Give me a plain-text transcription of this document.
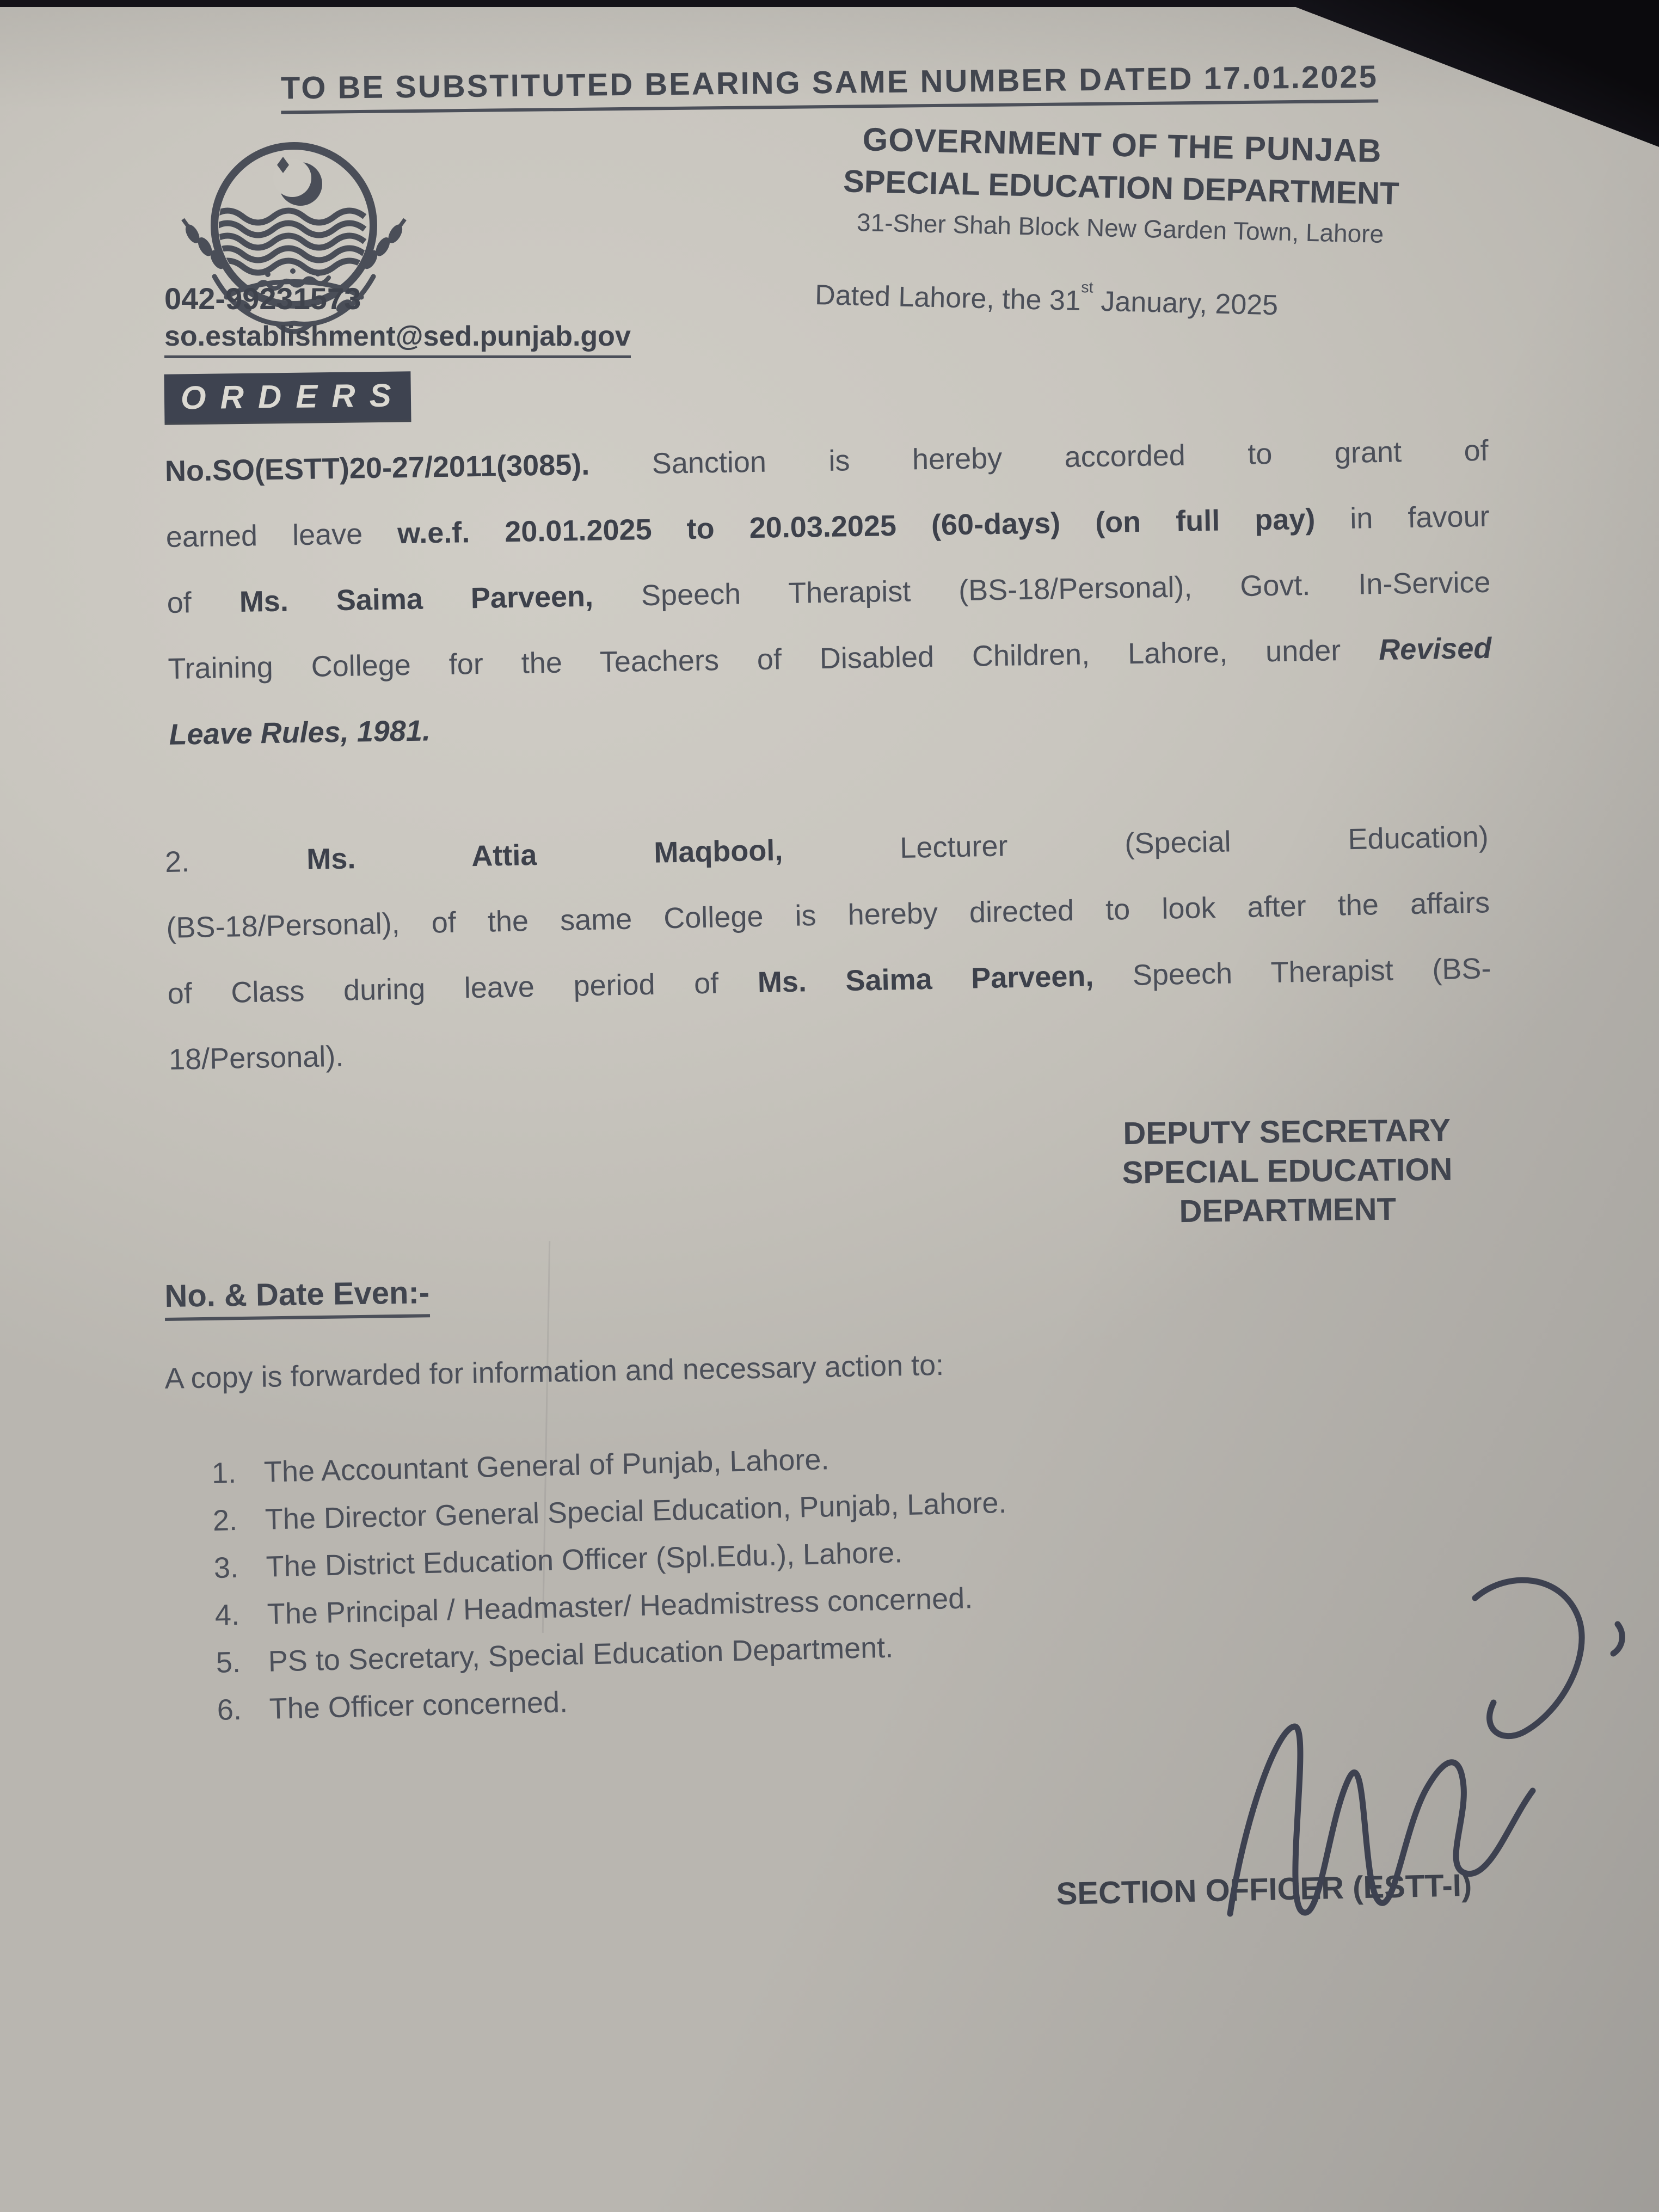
TO BE SUBSTITUTED BEARING SAME NUMBER DATED 17.01.2025
GOVERNMENT OF THE PUNJAB
SPECIAL EDUCATION DEPARTMENT
31-Sher Shah Block New Garden Town, Lahore
042-99231573
so.establishment@sed.punjab.gov
Dated Lahore, the 31st January, 2025
ORDERS
No.SO(ESTT)20-27/2011(3085). Sanction is hereby accorded to grant of
earned leave w.e.f. 20.01.2025 to 20.03.2025 (60-days) (on full pay) in favour
of Ms. Saima Parveen, Speech Therapist (BS-18/Personal), Govt. In-Service
Training College for the Teachers of Disabled Children, Lahore, under Revised
Leave Rules, 1981.
2.	Ms. Attia Maqbool,	Lecturer (Special Education)
(BS-18/Personal), of the same College is hereby directed to look after the affairs
of Class during leave period of Ms. Saima Parveen, Speech Therapist (BS-
18/Personal).
DEPUTY SECRETARY
SPECIAL EDUCATION
DEPARTMENT
No. & Date Even:-
A copy is forwarded for information and necessary action to:
1. The Accountant General of Punjab, Lahore.
2. The Director General Special Education, Punjab, Lahore.
3. The District Education Officer (Spl.Edu.), Lahore.
4. The Principal / Headmaster/ Headmistress concerned.
5. PS to Secretary, Special Education Department.
6. The Officer concerned.
SECTION OFFICER (ESTT-I)
